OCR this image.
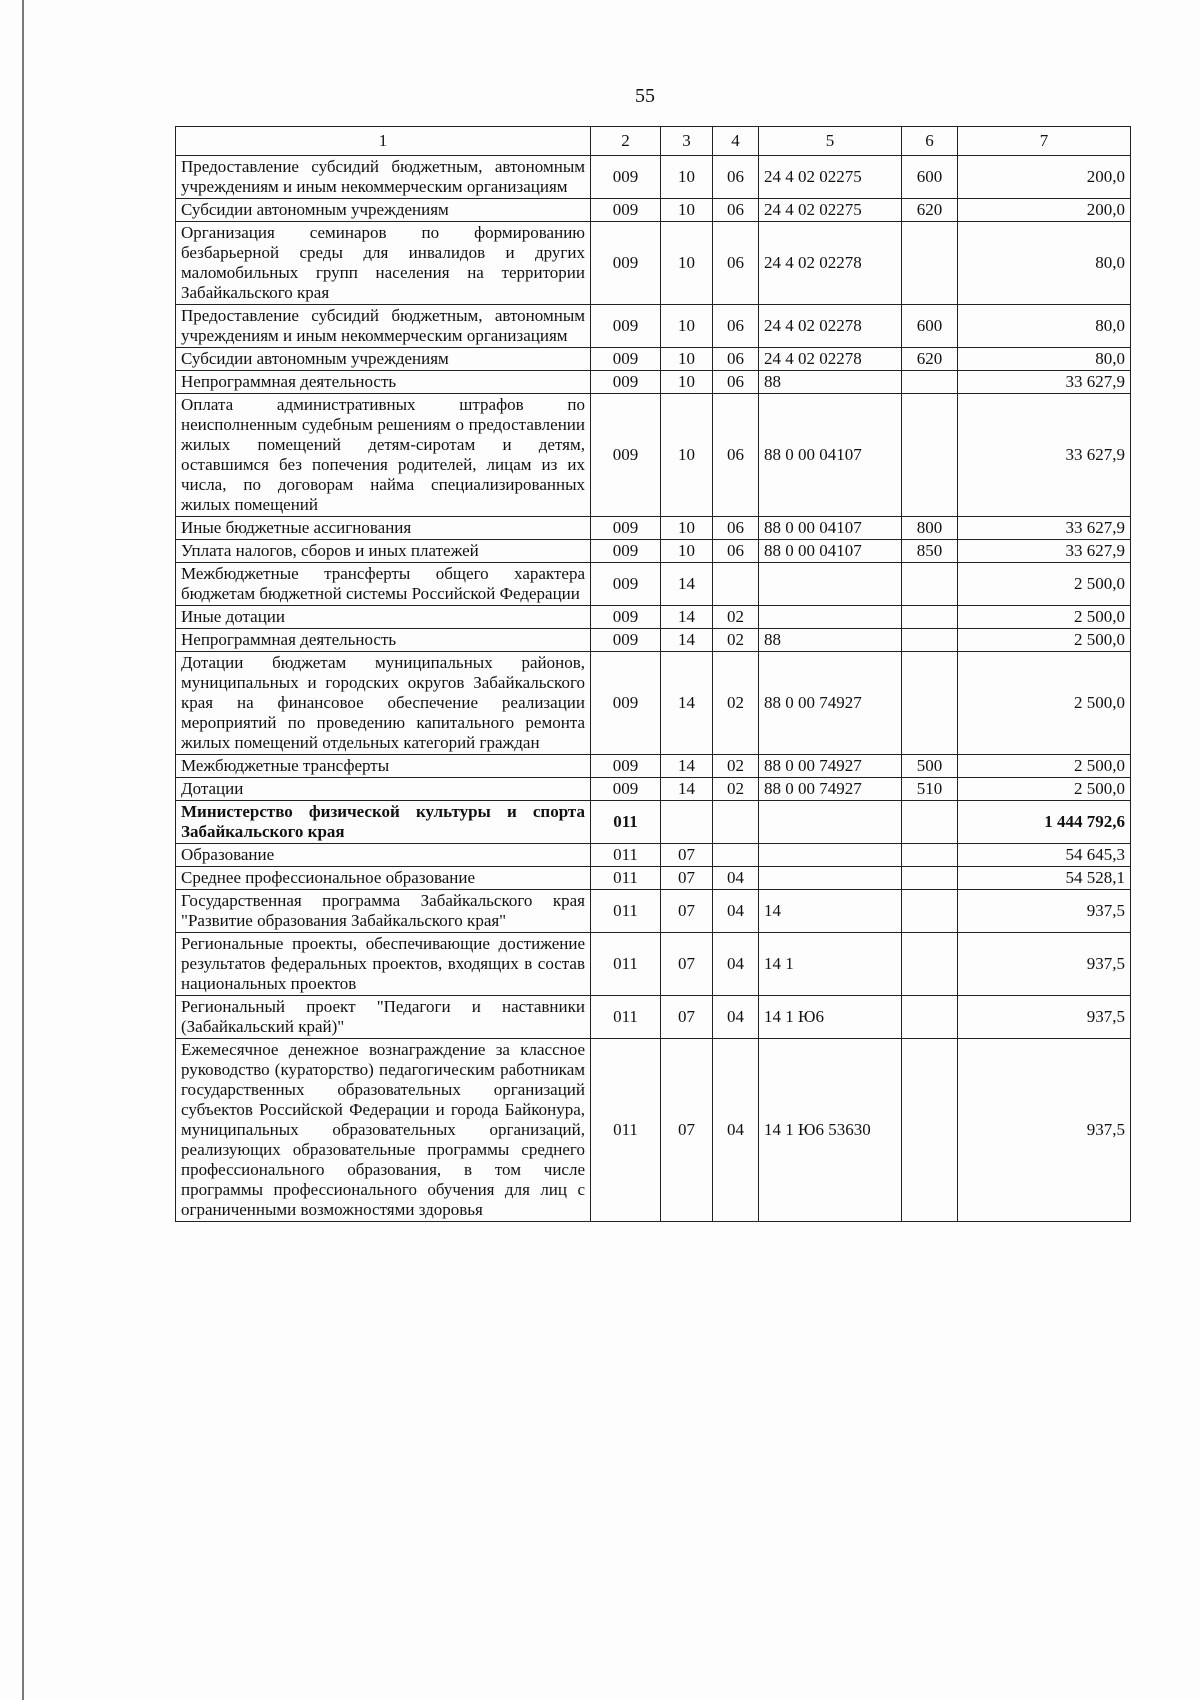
55
1	2	3	4	5	6	7
Предоставление субсидий бюджетным, автономным учреждениям и иным некоммерческим организациям	009	10	06	24 4 02 02275	600	200,0
Субсидии автономным учреждениям	009	10	06	24 4 02 02275	620	200,0
Организация семинаров по формированию безбарьерной среды для инвалидов и других маломобильных групп населения на территории Забайкальского края	009	10	06	24 4 02 02278		80,0
Предоставление субсидий бюджетным, автономным учреждениям и иным некоммерческим организациям	009	10	06	24 4 02 02278	600	80,0
Субсидии автономным учреждениям	009	10	06	24 4 02 02278	620	80,0
Непрограммная деятельность	009	10	06	88		33 627,9
Оплата административных штрафов по неисполненным судебным решениям о предоставлении жилых помещений детям-сиротам и детям, оставшимся без попечения родителей, лицам из их числа, по договорам найма специализированных жилых помещений	009	10	06	88 0 00 04107		33 627,9
Иные бюджетные ассигнования	009	10	06	88 0 00 04107	800	33 627,9
Уплата налогов, сборов и иных платежей	009	10	06	88 0 00 04107	850	33 627,9
Межбюджетные трансферты общего характера бюджетам бюджетной системы Российской Федерации	009	14				2 500,0
Иные дотации	009	14	02			2 500,0
Непрограммная деятельность	009	14	02	88		2 500,0
Дотации бюджетам муниципальных районов, муниципальных и городских округов Забайкальского края на финансовое обеспечение реализации мероприятий по проведению капитального ремонта жилых помещений отдельных категорий граждан	009	14	02	88 0 00 74927		2 500,0
Межбюджетные трансферты	009	14	02	88 0 00 74927	500	2 500,0
Дотации	009	14	02	88 0 00 74927	510	2 500,0
Министерство физической культуры и спорта Забайкальского края	011					1 444 792,6
Образование	011	07				54 645,3
Среднее профессиональное образование	011	07	04			54 528,1
Государственная программа Забайкальского края "Развитие образования Забайкальского края"	011	07	04	14		937,5
Региональные проекты, обеспечивающие достижение результатов федеральных проектов, входящих в состав национальных проектов	011	07	04	14 1		937,5
Региональный проект "Педагоги и наставники (Забайкальский край)"	011	07	04	14 1 Ю6		937,5
Ежемесячное денежное вознаграждение за классное руководство (кураторство) педагогическим работникам государственных образовательных организаций субъектов Российской Федерации и города Байконура, муниципальных образовательных организаций, реализующих образовательные программы среднего профессионального образования, в том числе программы профессионального обучения для лиц с ограниченными возможностями здоровья	011	07	04	14 1 Ю6 53630		937,5
